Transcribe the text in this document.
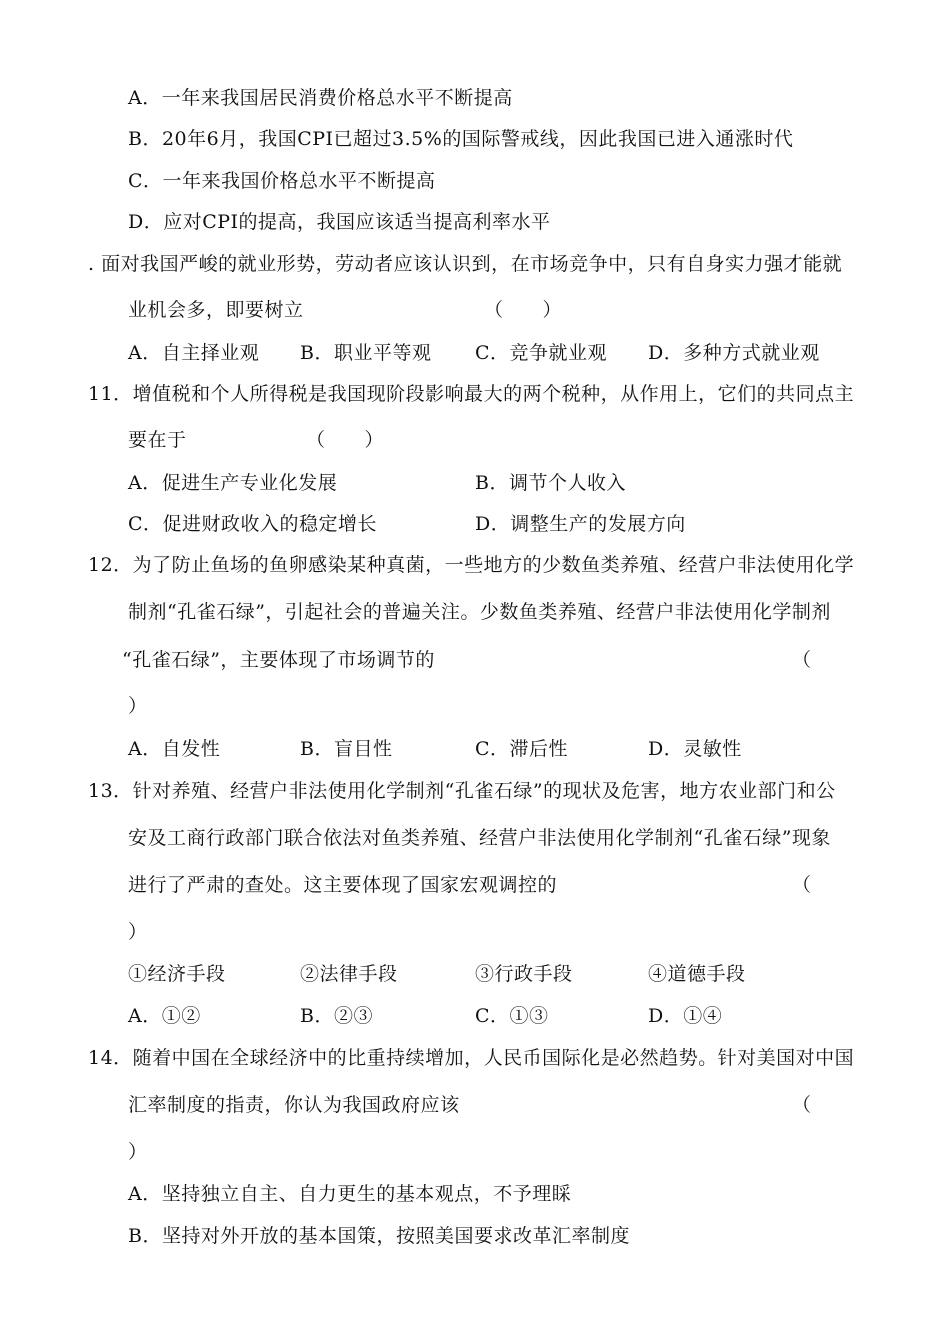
A．一年来我国居民消费价格总水平不断提高
B．20年6月，我国CPI已超过3.5%的国际警戒线，因此我国已进入通涨时代
C．一年来我国价格总水平不断提高
D．应对CPI的提高，我国应该适当提高利率水平
. 面对我国严峻的就业形势，劳动者应该认识到，在市场竞争中，只有自身实力强才能就
业机会多，即要树立	（　　）
A．自主择业观 B．职业平等观 C．竞争就业观 D．多种方式就业观
11．增值税和个人所得税是我国现阶段影响最大的两个税种，从作用上，它们的共同点主
要在于	（　　）
A．促进生产专业化发展	B．调节个人收入
C．促进财政收入的稳定增长	D．调整生产的发展方向
12．为了防止鱼场的鱼卵感染某种真菌，一些地方的少数鱼类养殖、经营户非法使用化学
制剂“孔雀石绿”，引起社会的普遍关注。少数鱼类养殖、经营户非法使用化学制剂
“孔雀石绿”，主要体现了市场调节的	（
）
A．自发性	B．盲目性	C．滞后性	D．灵敏性
13．针对养殖、经营户非法使用化学制剂“孔雀石绿”的现状及危害，地方农业部门和公
安及工商行政部门联合依法对鱼类养殖、经营户非法使用化学制剂“孔雀石绿”现象
进行了严肃的查处。这主要体现了国家宏观调控的	（
）
①经济手段	②法律手段	③行政手段	④道德手段
A．①②	B．②③	C．①③	D．①④
14．随着中国在全球经济中的比重持续增加，人民币国际化是必然趋势。针对美国对中国
汇率制度的指责，你认为我国政府应该	（
）
A．坚持独立自主、自力更生的基本观点，不予理睬
B．坚持对外开放的基本国策，按照美国要求改革汇率制度
